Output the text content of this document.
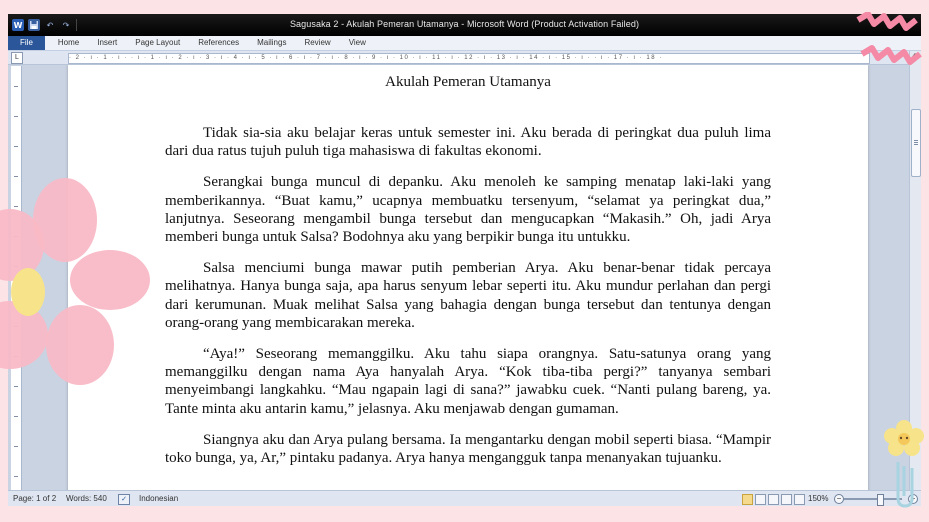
W	↶	↷	Sagusaka 2 - Akulah Pemeran Utamanya - Microsoft Word (Product Activation Failed)
File	Home	Insert	Page Layout	References	Mailings	Review	View
L	· 2 · ı · 1 · ı · · ı · 1 · ı · 2 · ı · 3 · ı · 4 · ı · 5 · ı · 6 · ı · 7 · ı · 8 · ı · 9 · ı · 10 · ı · 11 · ı · 12 · ı · 13 · ı · 14 · ı · 15 · ı · · ı · 17 · ı · 18 ·
Akulah Pemeran Utamanya

Tidak sia-sia aku belajar keras untuk semester ini. Aku berada di peringkat dua puluh lima dari dua ratus tujuh puluh tiga mahasiswa di fakultas ekonomi.

Serangkai bunga muncul di depanku. Aku menoleh ke samping menatap laki-laki yang memberikannya. “Buat kamu,” ucapnya membuatku tersenyum, “selamat ya peringkat dua,” lanjutnya. Seseorang mengambil bunga tersebut dan mengucapkan “Makasih.” Oh, jadi Arya memberi bunga untuk Salsa? Bodohnya aku yang berpikir bunga itu untukku.

Salsa menciumi bunga mawar putih pemberian Arya. Aku benar-benar tidak percaya melihatnya. Hanya bunga saja, apa harus senyum lebar seperti itu. Aku mundur perlahan dan pergi dari kerumunan. Muak melihat Salsa yang bahagia dengan bunga tersebut dan tentunya dengan orang-orang yang membicarakan mereka.

“Aya!” Seseorang memanggilku. Aku tahu siapa orangnya. Satu-satunya orang yang memanggilku dengan nama Aya hanyalah Arya. “Kok tiba-tiba pergi?” tanyanya sembari menyeimbangi langkahku. “Mau ngapain lagi di sana?” jawabku cuek. “Nanti pulang bareng, ya. Tante minta aku antarin kamu,” jelasnya. Aku menjawab dengan gumaman.

Siangnya aku dan Arya pulang bersama. Ia mengantarku dengan mobil seperti biasa. “Mampir toko bunga, ya, Ar,” pintaku padanya. Arya hanya mengangguk tanpa menanyakan tujuanku.

Page: 1 of 2 Words: 540	✓	Indonesian	150%	−	+
